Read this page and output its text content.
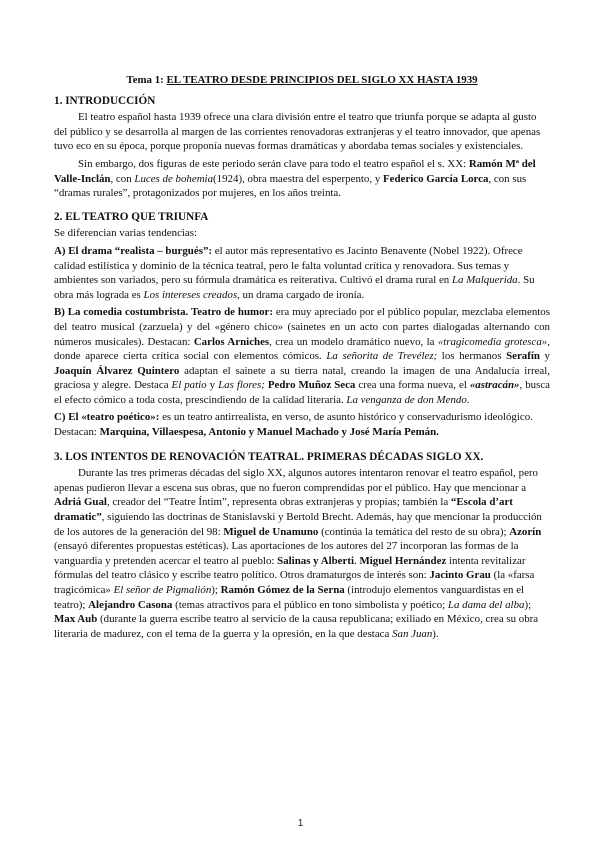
Tema 1: EL TEATRO DESDE PRINCIPIOS DEL SIGLO XX HASTA 1939

1. INTRODUCCIÓN

El teatro español hasta 1939 ofrece una clara división entre el teatro que triunfa porque se adapta al gusto del público y se desarrolla al margen de las corrientes renovadoras extranjeras y el teatro innovador, que apenas tuvo eco en su época, porque proponía nuevas formas dramáticas y abordaba temas sociales y existenciales.

Sin embargo, dos figuras de este periodo serán clave para todo el teatro español el s. XX: Ramón Mª del Valle-Inclán, con Luces de bohemia(1924), obra maestra del esperpento, y Federico García Lorca, con sus “dramas rurales”, protagonizados por mujeres, en los años treinta.

2. EL TEATRO QUE TRIUNFA

Se diferencian varias tendencias:

A) El drama “realista – burgués”: el autor más representativo es Jacinto Benavente (Nobel 1922). Ofrece calidad estilística y dominio de la técnica teatral, pero le falta voluntad crítica y renovadora. Sus temas y ambientes son variados, pero su fórmula dramática es reiterativa. Cultivó el drama rural en La Malquerida. Su obra más lograda es Los intereses creados, un drama cargado de ironía.

B) La comedia costumbrista. Teatro de humor: era muy apreciado por el público popular, mezclaba elementos del teatro musical (zarzuela) y del «género chico» (sainetes en un acto con partes dialogadas alternando con números musicales). Destacan: Carlos Arniches, crea un modelo dramático nuevo, la «tragicomedia grotesca», donde aparece cierta crítica social con elementos cómicos. La señorita de Trevélez; los hermanos Serafín y Joaquín Álvarez Quintero adaptan el sainete a su tierra natal, creando la imagen de una Andalucía irreal, graciosa y alegre. Destaca El patio y Las flores; Pedro Muñoz Seca crea una forma nueva, el «astracán», busca el efecto cómico a toda costa, prescindiendo de la calidad literaria. La venganza de don Mendo.

C) El «teatro poético»: es un teatro antirrealista, en verso, de asunto histórico y conservadurismo ideológico. Destacan: Marquina, Villaespesa, Antonio y Manuel Machado y José María Pemán.

3. LOS INTENTOS DE RENOVACIÓN TEATRAL. PRIMERAS DÉCADAS SIGLO XX.

Durante las tres primeras décadas del siglo XX, algunos autores intentaron renovar el teatro español, pero apenas pudieron llevar a escena sus obras, que no fueron comprendidas por el público. Hay que mencionar a Adriá Gual, creador del “Teatre Íntim”, representa obras extranjeras y propias; también la “Escola d’art dramatic”, siguiendo las doctrinas de Stanislavski y Bertold Brecht. Además, hay que mencionar la producción de los autores de la generación del 98: Miguel de Unamuno (continúa la temática del resto de su obra); Azorín (ensayó diferentes propuestas estéticas). Las aportaciones de los autores del 27 incorporan las formas de la vanguardia y pretenden acercar el teatro al pueblo: Salinas y Alberti. Miguel Hernández intenta revitalizar fórmulas del teatro clásico y escribe teatro político. Otros dramaturgos de interés son: Jacinto Grau (la «farsa tragicómica» El señor de Pigmalión); Ramón Gómez de la Serna (introdujo elementos vanguardistas en el teatro); Alejandro Casona (temas atractivos para el público en tono simbolista y poético; La dama del alba); Max Aub (durante la guerra escribe teatro al servicio de la causa republicana; exiliado en México, crea su obra literaria de madurez, con el tema de la guerra y la opresión, en la que destaca San Juan).

1
